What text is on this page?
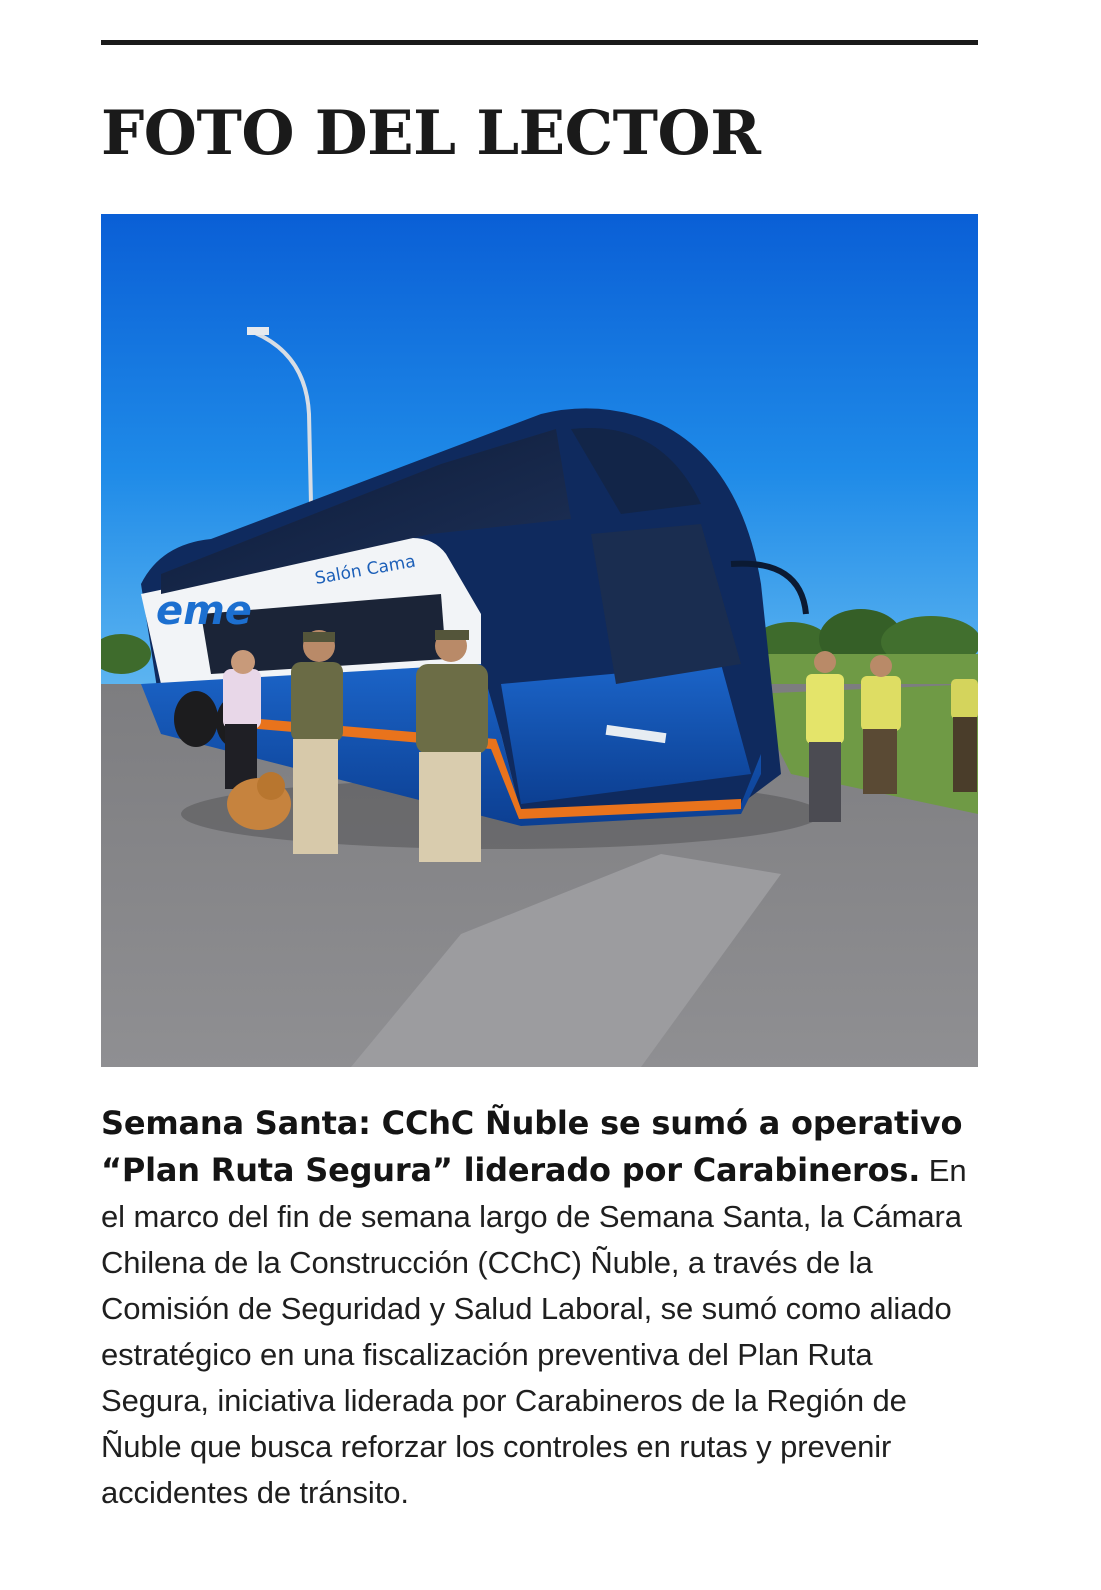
FOTO DEL LECTOR
eme
Salón Cama

Semana Santa: CChC Ñuble se sumó a operativo “Plan Ruta Segura” liderado por Carabineros. En el marco del fin de semana largo de Semana Santa, la Cámara Chilena de la Construcción (CChC) Ñuble, a través de la Comisión de Seguridad y Salud Laboral, se sumó como aliado estratégico en una fiscalización preventiva del Plan Ruta Segura, iniciativa liderada por Carabineros de la Región de Ñuble que busca reforzar los controles en rutas y prevenir accidentes de tránsito.
